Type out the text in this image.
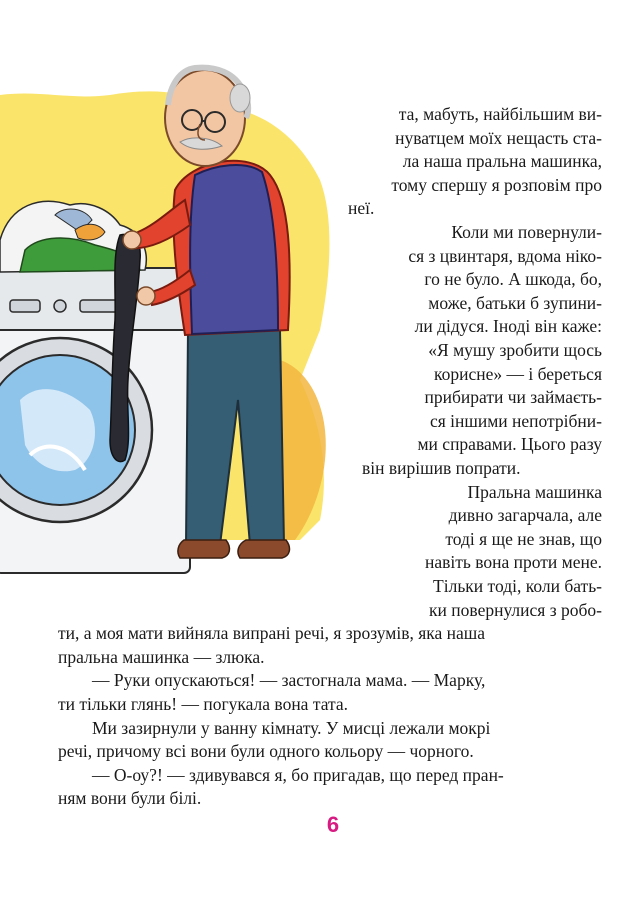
та, мабуть, найбільшим ви-

нуватцем моїх нещасть ста-

ла наша пральна машинка,

тому спершу я розповім про

неї.

Коли ми повернули-

ся з цвинтаря, вдома ніко-

го не було. А шкода, бо,

може, батьки б зупини-

ли дідуся. Іноді він каже:

«Я мушу зробити щось

корисне» — і береться

прибирати чи займаєть-

ся іншими непотрібни-

ми справами. Цього разу

він вирішив попрати.

Пральна машинка

дивно загарчала, але

тоді я ще не знав, що

навіть вона проти мене.

Тільки тоді, коли бать-

ки повернулися з робо-

ти, а моя мати вийняла випрані речі, я зрозумів, яка наша

пральна машинка — злюка.

— Руки опускаються! — застогнала мама. — Марку,

ти тільки глянь! — погукала вона тата.

Ми зазирнули у ванну кімнату. У мисці лежали мокрі

речі, причому всі вони були одного кольору — чорного.

— О-оу?! — здивувався я, бо пригадав, що перед пран-

ням вони були білі.

6
